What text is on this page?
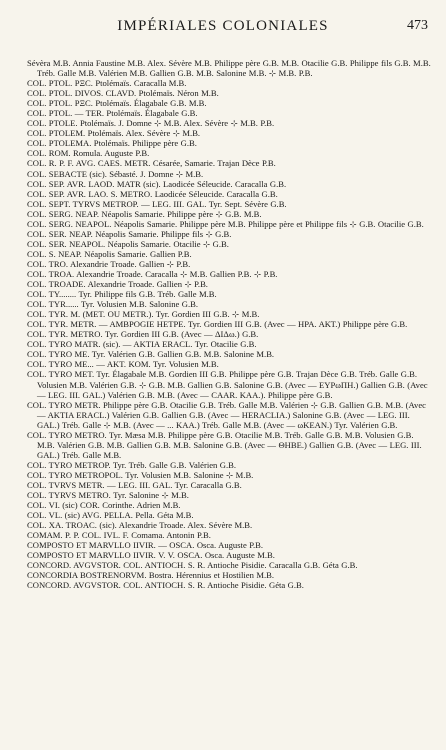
IMPÉRIALES COLONIALES	473
Sévèra M.B. Annia Faustine M.B. Alex. Sévère M.B. Philippe père G.B. M.B. Otacilie G.B. Philippe fils G.B. M.B. Tréb. Galle M.B. Valérien M.B. Gallien G.B. M.B. Salonine M.B. ⊹ M.B. P.B.
COL. PTOL. ΡΞC. Ptolémaïs. Caracalla M.B.
COL. PTOL. DIVOS. CLAVD. Ptolémaïs. Néron M.B.
COL. PTOL. ΡΞC. Ptolémaïs. Élagabale G.B. M.B.
COL. PTOL. — TER. Ptolémaïs. Élagabale G.B.
COL. PTOLE. Ptolémaïs. J. Domne ⊹ M.B. Alex. Sévère ⊹ M.B. P.B.
COL. PTOLEM. Ptolémaïs. Alex. Sévère ⊹ M.B.
COL. PTOLEMA. Ptolémaïs. Philippe père G.B.
COL. ROM. Romula. Auguste P.B.
COL. R. P. F. AVG. CAES. METR. Césarée, Samarie. Trajan Dèce P.B.
COL. SEBACTE (sic). Sébasté. J. Domne ⊹ M.B.
COL. SEP. AVR. LAOD. MATR (sic). Laodicée Séleucide. Caracalla G.B.
COL. SEP. AVR. LAO. S. METRO. Laodicée Séleucide. Caracalla G.B.
COL. SEPT. TYRVS METROP. — LEG. III. GAL. Tyr. Sept. Sévère G.B.
COL. SERG. NEAP. Néapolis Samarie. Philippe père ⊹ G.B. M.B.
COL. SERG. NEAPOL. Néapolis Samarie. Philippe père M.B. Philippe père et Philippe fils ⊹ G.B. Otacilie G.B.
COL. SER. NEAP. Néapolis Samarie. Philippe fils ⊹ G.B.
COL. SER. NEAPOL. Néapolis Samarie. Otacilie ⊹ G.B.
COL. S. NEAP. Néapolis Samarie. Gallien P.B.
COL. TRO. Alexandrie Troade. Gallien ⊹ P.B.
COL. TROA. Alexandrie Troade. Caracalla ⊹ M.B. Gallien P.B. ⊹ P.B.
COL. TROADE. Alexandrie Troade. Gallien ⊹ P.B.
COL. TY........ Tyr. Philippe fils G.B. Tréb. Galle M.B.
COL. TYR...... Tyr. Volusien M.B. Salonine G.B.
COL. TYR. M. (MET. OU METR.). Tyr. Gordien III G.B. ⊹ M.B.
COL. TYR. METR. — AMBPOGIE HETPE. Tyr. Gordien III G.B. (Avec — ΗΡΑ. ΑΚΤ.) Philippe père G.B.
COL. TYR. METRO. Tyr. Gordien III G.B. (Avec — ΔΙΔω.) G.B.
COL. TYRO MATR. (sic). — AKTIA ERACL. Tyr. Otacilie G.B.
COL. TYRO ME. Tyr. Valérien G.B. Gallien G.B. M.B. Salonine M.B.
COL. TYRO ME... — AKT. KOM. Tyr. Volusien M.B.
COL. TYRO MET. Tyr. Élagabale M.B. Gordien III G.B. Philippe père G.B. Trajan Dèce G.B. Tréb. Galle G.B. Volusien M.B. Valérien G.B. ⊹ G.B. M.B. Gallien G.B. Salonine G.B. (Avec — EYPωΠH.) Gallien G.B. (Avec — LEG. III. GAL.) Valérien G.B. M.B. (Avec — CAAR. KAA.). Philippe père G.B.
COL. TYRO METR. Philippe père G.B. Otacilie G.B. Tréb. Galle M.B. Valérien ⊹ G.B. Gallien G.B. M.B. (Avec — AKTIA ERACL.) Valérien G.B. Gallien G.B. (Avec — HERACLIA.) Salonine G.B. (Avec — LEG. III. GAL.) Tréb. Galle ⊹ M.B. (Avec — ... KAA.) Tréb. Galle M.B. (Avec — ωKEAN.) Tyr. Valérien G.B.
COL. TYRO METRO. Tyr. Mæsa M.B. Philippe père G.B. Otacilie M.B. Tréb. Galle G.B. M.B. Volusien G.B. M.B. Valérien G.B. M.B. Gallien G.B. M.B. Salonine G.B. (Avec — ΘHBE.) Gallien G.B. (Avec — LEG. III. GAL.) Tréb. Galle M.B.
COL. TYRO METROP. Tyr. Tréb. Galle G.B. Valérien G.B.
COL. TYRO METROPOL. Tyr. Volusien M.B. Salonine ⊹ M.B.
COL. TVRVS METR. — LEG. III. GAL. Tyr. Caracalla G.B.
COL. TYRVS METRO. Tyr. Salonine ⊹ M.B.
COL. VI. (sic) COR. Corinthe. Adrien M.B.
COL. VL. (sic) AVG. PELLA. Pella. Géta M.B.
COL. XA. TROAC. (sic). Alexandrie Troade. Alex. Sévère M.B.
COMAM. P. P. COL. IVL. F. Comama. Antonin P.B.
COMPOSTO ET MARVLLO IIVIR. — OSCA. Osca. Auguste P.B.
COMPOSTO ET MARVLLO IIVIR. V. V. OSCA. Osca. Auguste M.B.
CONCORD. AVGVSTOR. COL. ANTIOCH. S. R. Antioche Pisidie. Caracalla G.B. Géta G.B.
CONCORDIA BOSTRENORVM. Bostra. Hérennius et Hostilien M.B.
CONCORD. AVGVSTOR. COL. ANTIOCH. S. R. Antioche Pisidie. Géta G.B.
